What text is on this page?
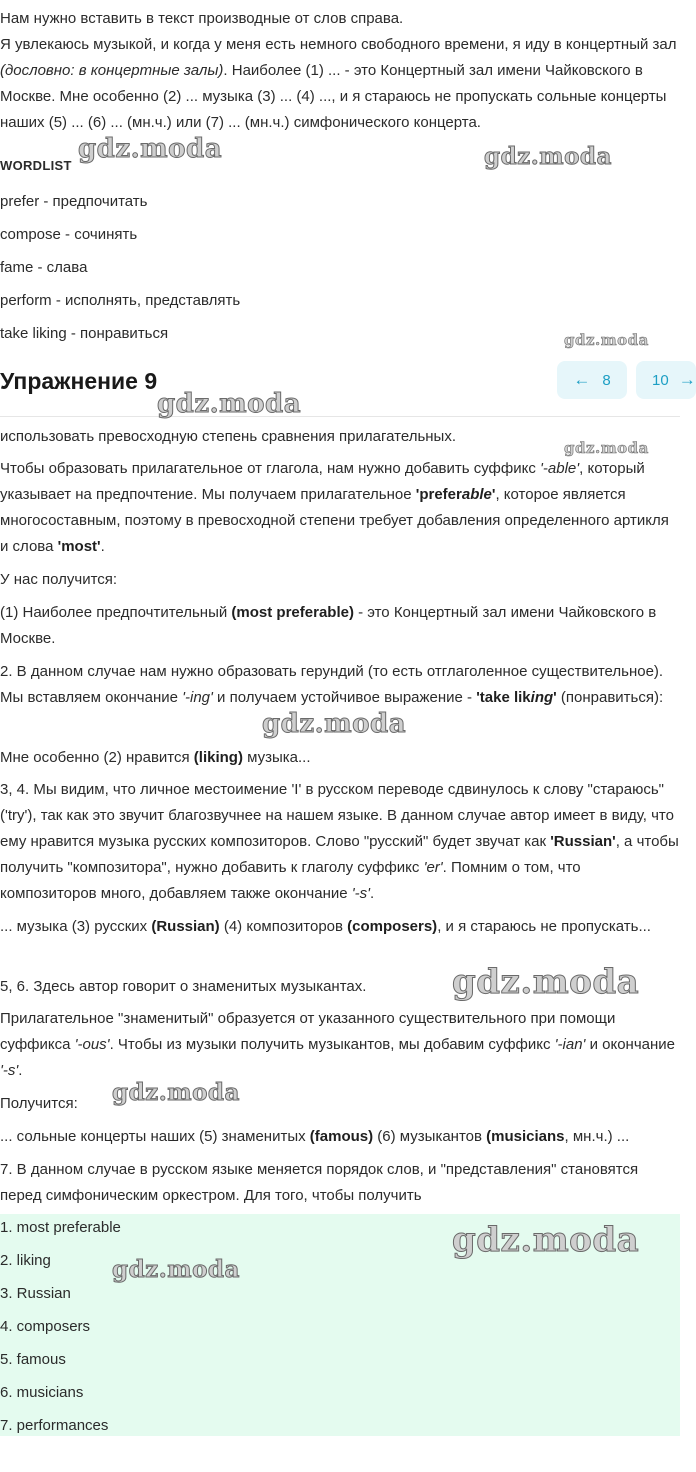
Нам нужно вставить в текст производные от слов справа.

Я увлекаюсь музыкой, и когда у меня есть немного свободного времени, я иду в концертный зал (дословно: в концертные залы). Наиболее (1) ... - это Концертный зал имени Чайковского в Москве. Мне особенно (2) ... музыка (3) ... (4) ..., и я стараюсь не пропускать сольные концерты наших (5) ... (6) ... (мн.ч.) или (7) ... (мн.ч.) симфонического концерта.

WORDLIST
prefer - предпочитать
compose - сочинять
fame - слава
perform - исполнять, представлять
take liking - понравиться
Упражнение 9	← 8	10 →

использовать превосходную степень сравнения прилагательных.

Чтобы образовать прилагательное от глагола, нам нужно добавить суффикс '-able', который указывает на предпочтение. Мы получаем прилагательное 'preferable', которое является многосоставным, поэтому в превосходной степени требует добавления определенного артикля и слова 'most'.

У нас получится:

(1) Наиболее предпочтительный (most preferable) - это Концертный зал имени Чайковского в Москве.

2. В данном случае нам нужно образовать герундий (то есть отглаголенное существительное). Мы вставляем окончание '-ing' и получаем устойчивое выражение - 'take liking' (понравиться):

Мне особенно (2) нравится (liking) музыка...

3, 4. Мы видим, что личное местоимение 'I' в русском переводе сдвинулось к слову "стараюсь" ('try'), так как это звучит благозвучнее на нашем языке. В данном случае автор имеет в виду, что ему нравится музыка русских композиторов. Слово "русский" будет звучат как 'Russian', а чтобы получить "композитора", нужно добавить к глаголу суффикс 'er'. Помним о том, что композиторов много, добавляем также окончание '-s'.

... музыка (3) русских (Russian) (4) композиторов (composers), и я стараюсь не пропускать...

5, 6. Здесь автор говорит о знаменитых музыкантах.

Прилагательное "знаменитый" образуется от указанного существительного при помощи суффикса '-ous'. Чтобы из музыки получить музыкантов, мы добавим суффикс '-ian' и окончание '-s'.

Получится:

... сольные концерты наших (5) знаменитых (famous) (6) музыкантов (musicians, мн.ч.) ...

7. В данном случае в русском языке меняется порядок слов, и "представления" становятся перед симфоническим оркестром. Для того, чтобы получить

1. most preferable
2. liking
3. Russian
4. composers
5. famous
6. musicians
7. performances
gdz.moda	gdz.moda
gdz.moda
gdz.moda
gdz.moda
gdz.moda
gdz.moda
gdz.moda
gdz.moda
gdz.moda
